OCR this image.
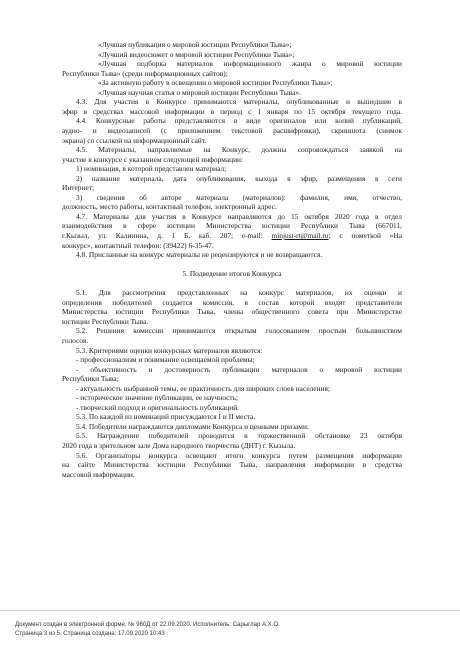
«Лучшая публикация о мировой юстиции Республики Тыва»;
«Лучший видеосюжет о мировой юстиции Республики Тыва»;
«Лучшая подборка материалов информационного жанра о мировой юстиции
Республики Тыва» (среди информационных сайтов);
«За активную работу в освещении о мировой юстиции Республики Тыва»;
«Лучшая научная статья о мировой юстиции Республики Тыва».
4.3. Для участия в Конкурсе принимаются материалы, опубликованные и вышедшие в
эфир в средствах массовой информации в период с 1 января по 15 октября текущего года.
4.4. Конкурсные работы представляются в виде оригиналов или копий публикаций,
аудио- и видеозаписей (с приложением текстовой расшифровки), скриншота (снимок
экрана) со ссылкой на информационный сайт.
4.5. Материалы, направляемые на Конкурс, должны сопровождаться заявкой на
участие в конкурсе с указанием следующей информации:
1) номинация, в которой представлен материал;
2) название материала, дата опубликования, выхода в эфир, размещения в сети
Интернет;
3) сведения об авторе материала (материалов): фамилия, имя, отчество,
должность, место работы, контактный телефон, электронный адрес.
4.7. Материалы для участия в Конкурсе направляются до 15 октября 2020 года в отдел
взаимодействия в сфере юстиции Министерства юстиции Республики Тыва (667011,
г.Кызыл, ул. Калинина, д. 1 Б, каб. 207; e-mail: minjust-rt@mail.ru; с пометкой «На
конкурс», контактный телефон: (39422) 6-35-47.
4.8. Присланные на конкурс материалы не рецензируются и не возвращаются.
5. Подведение итогов Конкурса
5.1. Для рассмотрения представленных на конкурс материалов, их оценки и
определения победителей создается комиссия, в состав которой входят представители
Министерства юстиции Республики Тыва, члены общественного совета при Министерстве
юстиции Республики Тыва.
5.2. Решения комиссии принимаются открытым голосованием простым большинством
голосов.
5.3. Критериями оценки конкурсных материалов являются:
- профессионализм и понимание освещаемой проблемы;
- объективность и достоверность публикации материалов о мировой юстиции
Республики Тыва;
- актуальность выбранной темы, ее практичность для широких слоев населения;
- историческое значение публикации, ее научность;
- творческий подход и оригинальность публикаций.
5.3. По каждой из номинаций присуждаются I и II места.
5.4. Победители награждаются дипломами Конкурса и ценными призами.
5.5. Награждение победителей проводится в торжественной обстановке 23 октября
2020 года в зрительном зале Дома народного творчества (ДНТ) г. Кызыла.
5.6. Организаторы конкурса освещают итоги конкурса путем размещения информации
на сайте Министерства юстиции Республики Тыва, направления информации в средства
массовой информации.
Документ создан в электронной форме. № 960Д от 22.09.2020. Исполнитель: Сарыглар А.Х.О.
Страница 3 из 5. Страница создана: 17.09.2020 10:43
